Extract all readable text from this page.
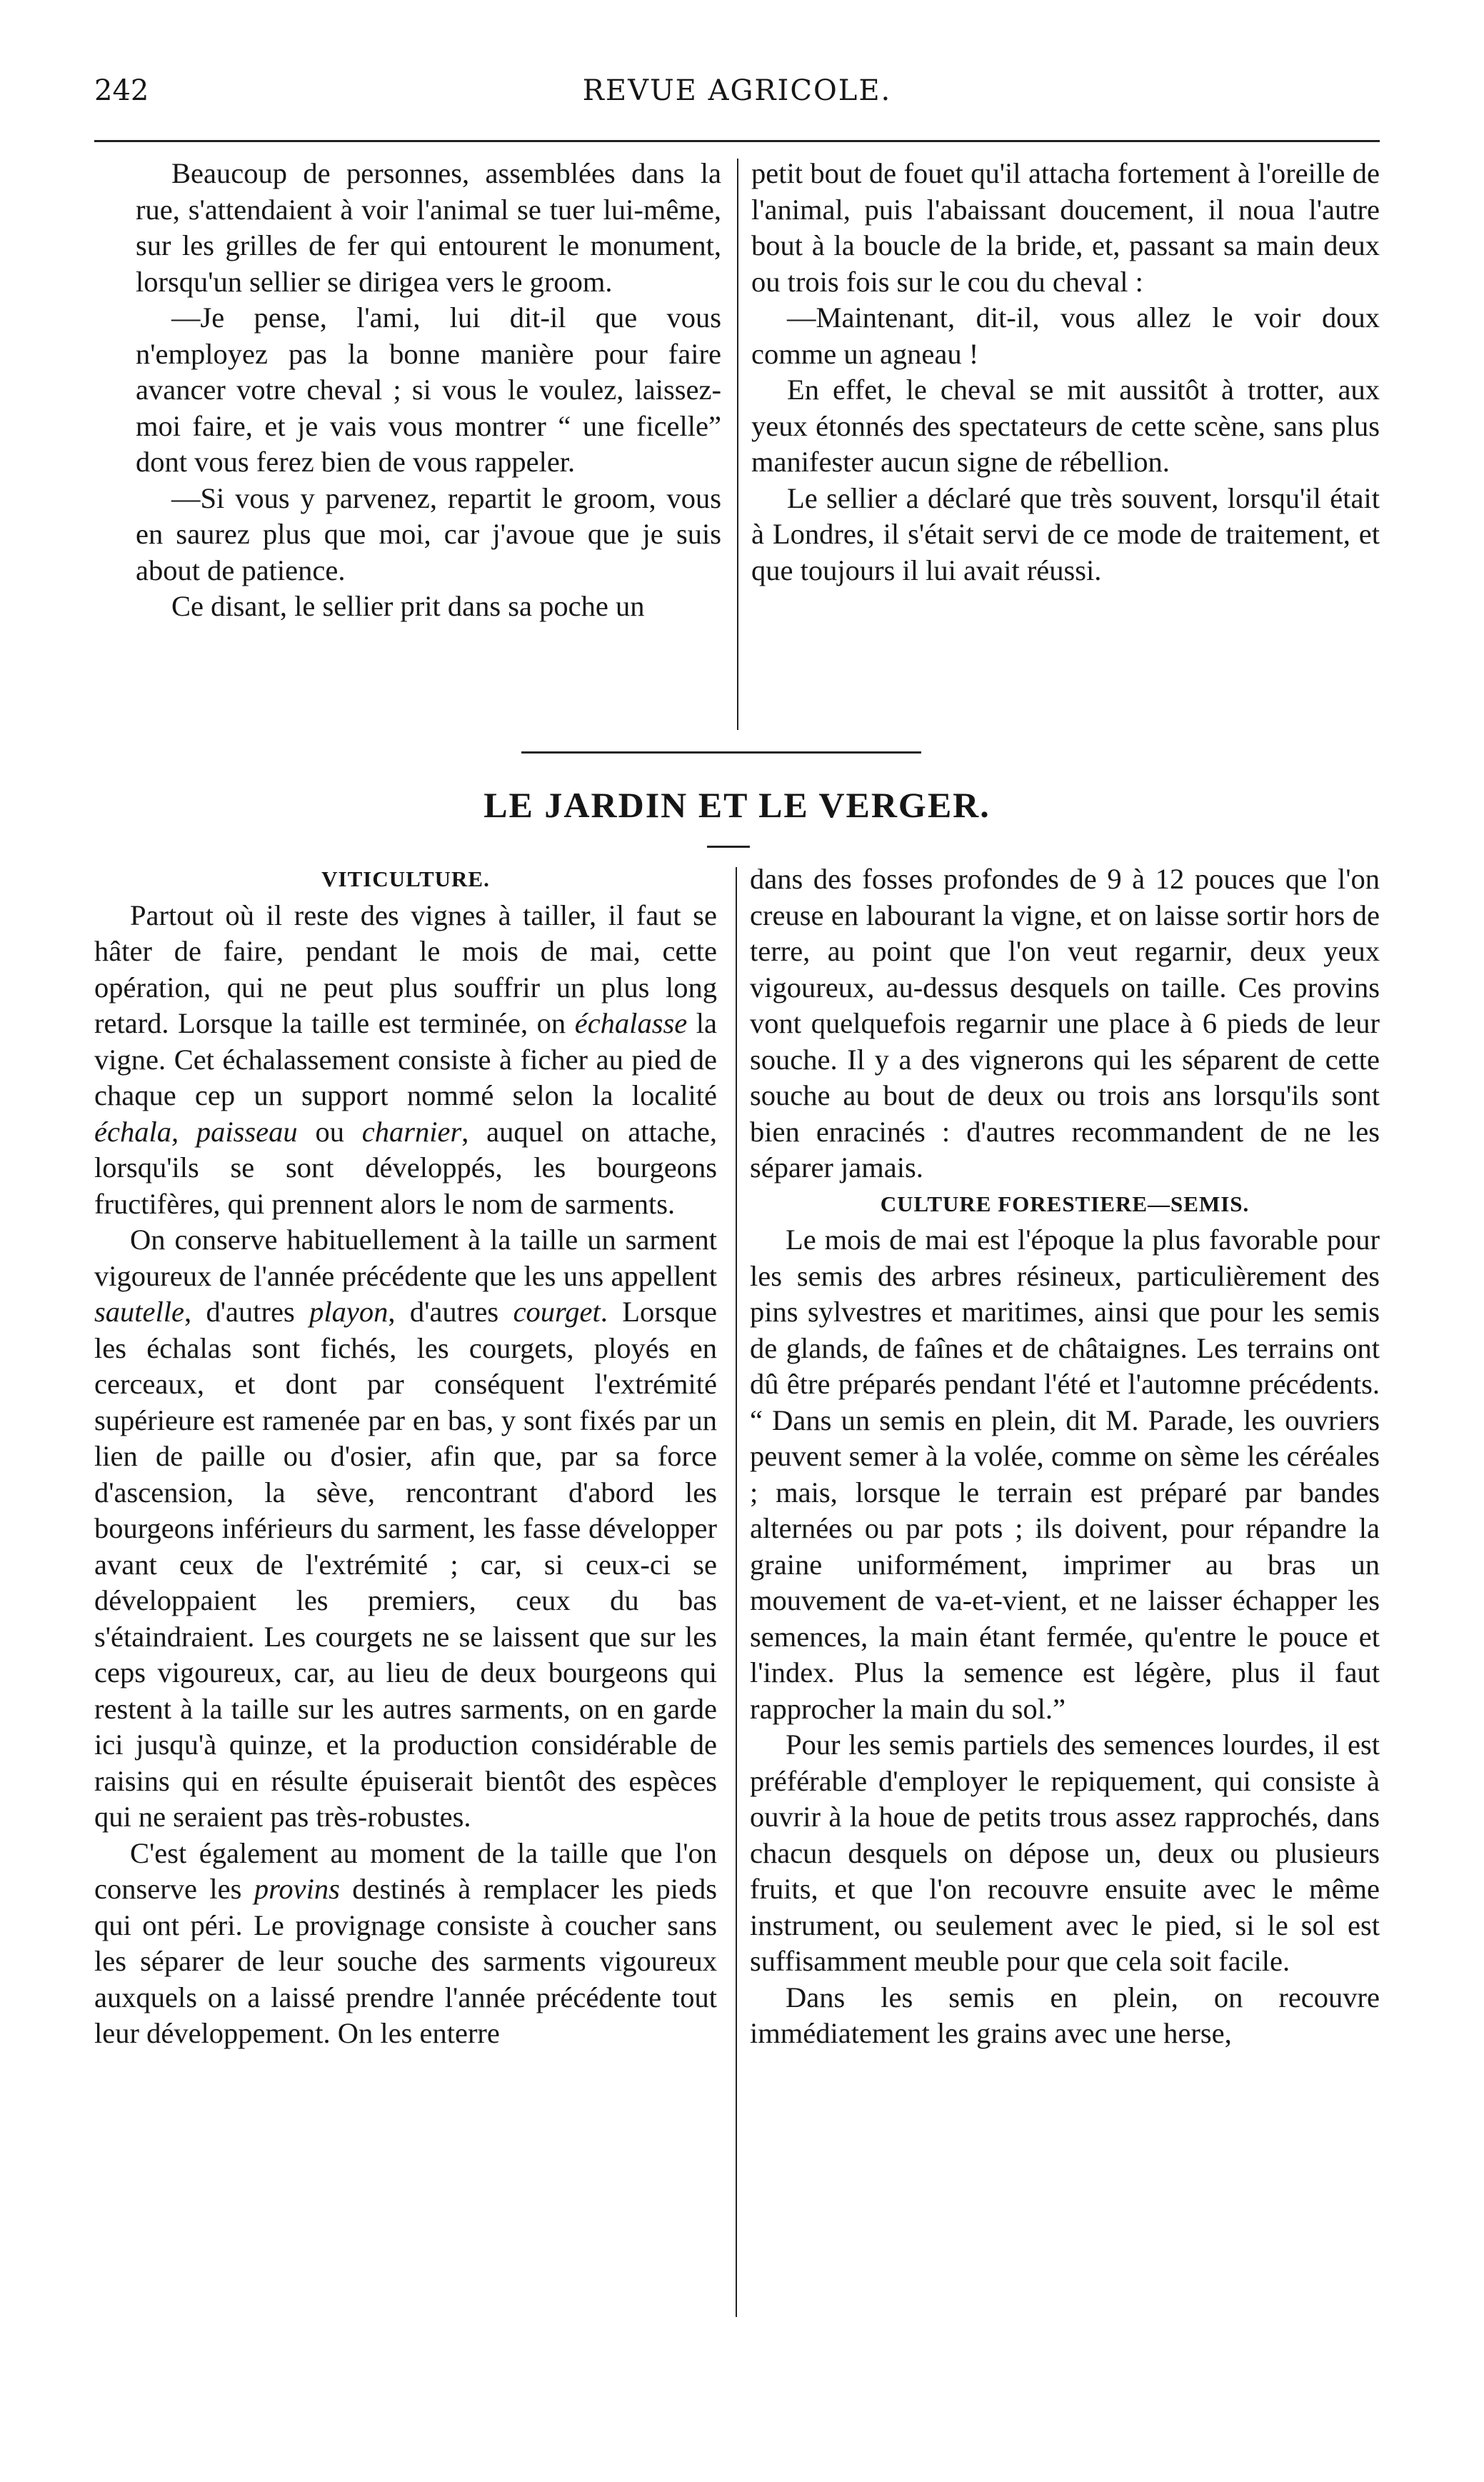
242	REVUE AGRICOLE.

Beaucoup de personnes, assemblées dans la rue, s'attendaient à voir l'animal se tuer lui-même, sur les grilles de fer qui entourent le monument, lorsqu'un sellier se dirigea vers le groom.

—Je pense, l'ami, lui dit-il que vous n'employez pas la bonne manière pour faire avancer votre cheval ; si vous le voulez, laissez-moi faire, et je vais vous montrer “ une ficelle” dont vous ferez bien de vous rappeler.

—Si vous y parvenez, repartit le groom, vous en saurez plus que moi, car j'avoue que je suis about de patience.

Ce disant, le sellier prit dans sa poche un

petit bout de fouet qu'il attacha fortement à l'oreille de l'animal, puis l'abaissant doucement, il noua l'autre bout à la boucle de la bride, et, passant sa main deux ou trois fois sur le cou du cheval :

—Maintenant, dit-il, vous allez le voir doux comme un agneau !

En effet, le cheval se mit aussitôt à trotter, aux yeux étonnés des spectateurs de cette scène, sans plus manifester aucun signe de rébellion.

Le sellier a déclaré que très souvent, lorsqu'il était à Londres, il s'était servi de ce mode de traitement, et que toujours il lui avait réussi.

LE JARDIN ET LE VERGER.
VITICULTURE.

Partout où il reste des vignes à tailler, il faut se hâter de faire, pendant le mois de mai, cette opération, qui ne peut plus souffrir un plus long retard. Lorsque la taille est terminée, on échalasse la vigne. Cet échalassement consiste à ficher au pied de chaque cep un support nommé selon la localité échala, paisseau ou charnier, auquel on attache, lorsqu'ils se sont développés, les bourgeons fructifères, qui prennent alors le nom de sarments.

On conserve habituellement à la taille un sarment vigoureux de l'année précédente que les uns appellent sautelle, d'autres playon, d'autres courget. Lorsque les échalas sont fichés, les courgets, ployés en cerceaux, et dont par conséquent l'extrémité supérieure est ramenée par en bas, y sont fixés par un lien de paille ou d'osier, afin que, par sa force d'ascension, la sève, rencontrant d'abord les bourgeons inférieurs du sarment, les fasse développer avant ceux de l'extrémité ; car, si ceux-ci se développaient les premiers, ceux du bas s'étaindraient. Les courgets ne se laissent que sur les ceps vigoureux, car, au lieu de deux bourgeons qui restent à la taille sur les autres sarments, on en garde ici jusqu'à quinze, et la production considérable de raisins qui en résulte épuiserait bientôt des espèces qui ne seraient pas très-robustes.

C'est également au moment de la taille que l'on conserve les provins destinés à remplacer les pieds qui ont péri. Le provignage consiste à coucher sans les séparer de leur souche des sarments vigoureux auxquels on a laissé prendre l'année précédente tout leur développement. On les enterre

dans des fosses profondes de 9 à 12 pouces que l'on creuse en labourant la vigne, et on laisse sortir hors de terre, au point que l'on veut regarnir, deux yeux vigoureux, au-dessus desquels on taille. Ces provins vont quelquefois regarnir une place à 6 pieds de leur souche. Il y a des vignerons qui les séparent de cette souche au bout de deux ou trois ans lorsqu'ils sont bien enracinés : d'autres recommandent de ne les séparer jamais.

CULTURE FORESTIERE—SEMIS.

Le mois de mai est l'époque la plus favorable pour les semis des arbres résineux, particulièrement des pins sylvestres et maritimes, ainsi que pour les semis de glands, de faînes et de châtaignes. Les terrains ont dû être préparés pendant l'été et l'automne précédents. “ Dans un semis en plein, dit M. Parade, les ouvriers peuvent semer à la volée, comme on sème les céréales ; mais, lorsque le terrain est préparé par bandes alternées ou par pots ; ils doivent, pour répandre la graine uniformément, imprimer au bras un mouvement de va-et-vient, et ne laisser échapper les semences, la main étant fermée, qu'entre le pouce et l'index. Plus la semence est légère, plus il faut rapprocher la main du sol.”

Pour les semis partiels des semences lourdes, il est préférable d'employer le repiquement, qui consiste à ouvrir à la houe de petits trous assez rapprochés, dans chacun desquels on dépose un, deux ou plusieurs fruits, et que l'on recouvre ensuite avec le même instrument, ou seulement avec le pied, si le sol est suffisamment meuble pour que cela soit facile.

Dans les semis en plein, on recouvre immédiatement les grains avec une herse,
